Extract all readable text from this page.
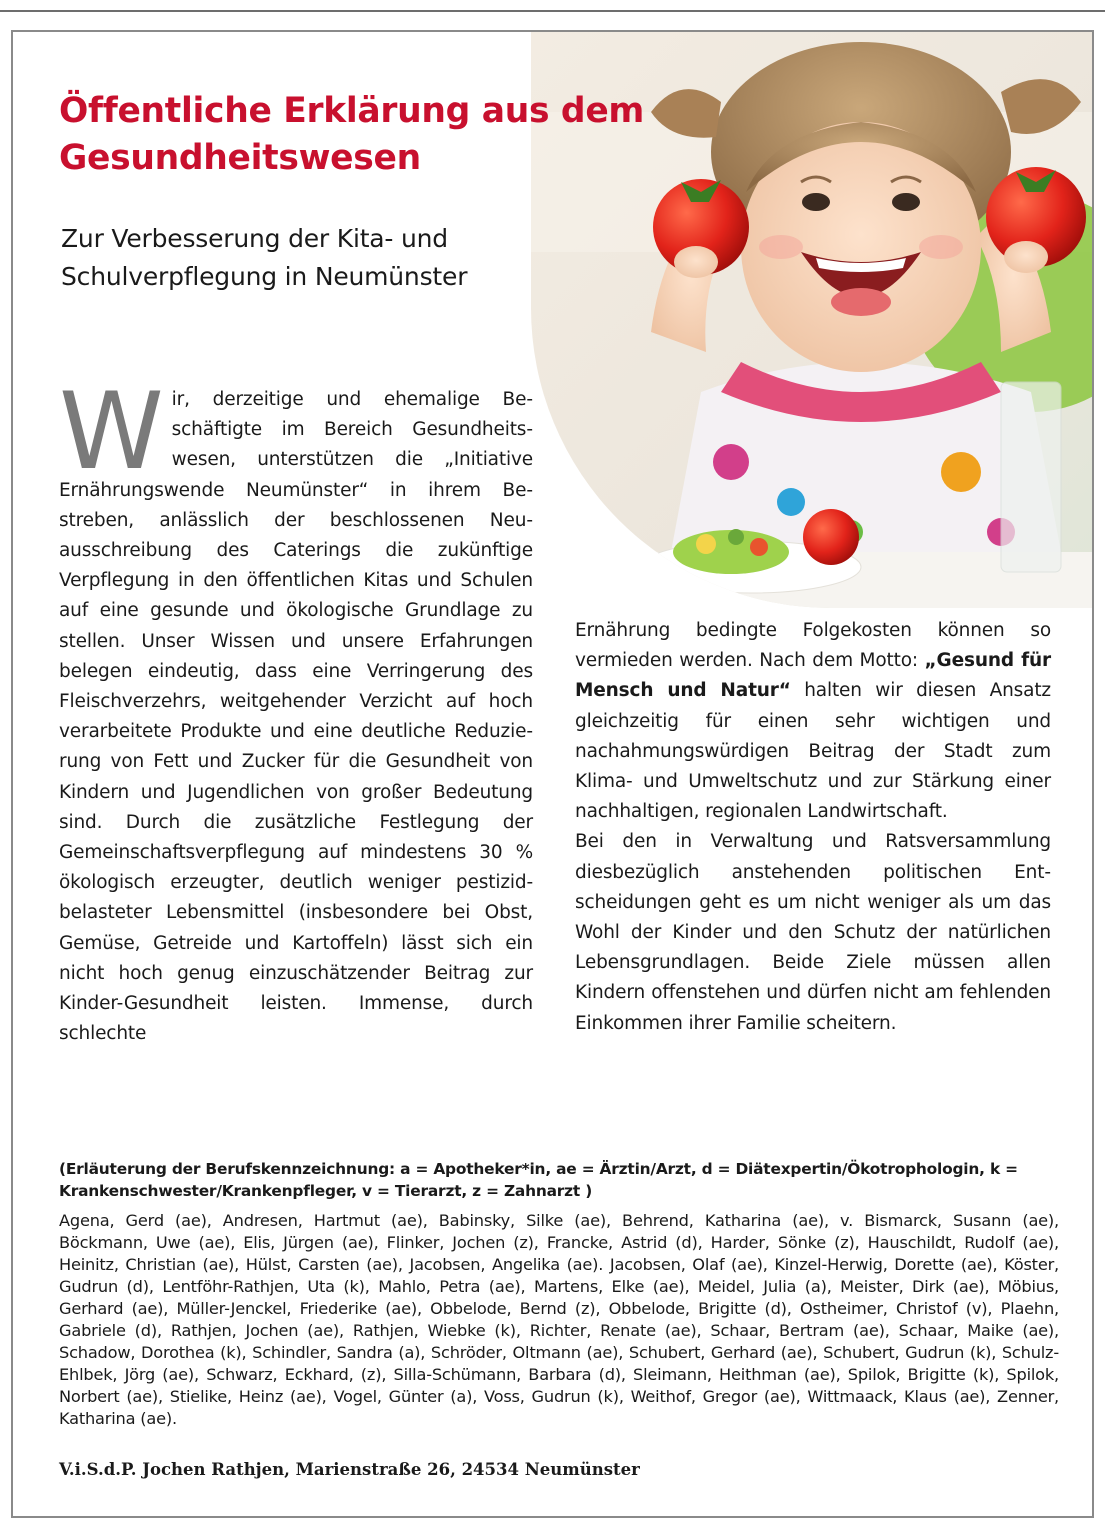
Öffentliche Erklärung aus dem Gesundheitswesen
Zur Verbesserung der Kita- und Schulverpflegung in Neumünster

Wir, derzeitige und ehemalige Beschäftigte im Bereich Gesundheitswesen, unterstützen die „Initiative Ernährungswende Neumünster“ in ihrem Bestreben, anlässlich der beschlossenen Neuausschreibung des Caterings die zukünftige Verpflegung in den öffentlichen Kitas und Schulen auf eine gesunde und ökologische Grundlage zu stellen. Unser Wissen und unsere Erfahrungen belegen eindeutig, dass eine Verringerung des Fleischverzehrs, weitgehender Verzicht auf hoch verarbeitete Produkte und eine deutliche Reduzierung von Fett und Zucker für die Gesundheit von Kindern und Jugendlichen von großer Bedeutung sind. Durch die zusätzliche Festlegung der Gemeinschaftsverpflegung auf mindestens 30 % ökologisch erzeugter, deutlich weniger pestizid-belasteter Lebensmittel (insbesondere bei Obst, Gemüse, Getreide und Kartoffeln) lässt sich ein nicht hoch genug einzuschätzender Beitrag zur Kinder-Gesundheit leisten. Immense, durch schlechte

Ernährung bedingte Folgekosten können so vermieden werden. Nach dem Motto: „Gesund für Mensch und Natur“ halten wir diesen Ansatz gleichzeitig für einen sehr wichtigen und nachahmungswürdigen Beitrag der Stadt zum Klima- und Umweltschutz und zur Stärkung einer nachhaltigen, regionalen Landwirtschaft.

Bei den in Verwaltung und Ratsversammlung diesbezüglich anstehenden politischen Entscheidungen geht es um nicht weniger als um das Wohl der Kinder und den Schutz der natürlichen Lebensgrundlagen. Beide Ziele müssen allen Kindern offenstehen und dürfen nicht am fehlenden Einkommen ihrer Familie scheitern.

(Erläuterung der Berufskennzeichnung: a = Apotheker*in, ae = Ärztin/Arzt, d = Diätexpertin/Ökotrophologin, k = Krankenschwester/Krankenpfleger, v = Tierarzt, z = Zahnarzt )
Agena, Gerd (ae), Andresen, Hartmut (ae), Babinsky, Silke (ae), Behrend, Katharina (ae), v. Bismarck, Susann (ae), Böckmann, Uwe (ae), Elis, Jürgen (ae), Flinker, Jochen (z), Francke, Astrid (d), Harder, Sönke (z), Hauschildt, Rudolf (ae), Heinitz, Christian (ae), Hülst, Carsten (ae), Jacobsen, Angelika (ae). Jacobsen, Olaf (ae), Kinzel-Herwig, Dorette (ae), Köster, Gudrun (d), Lentföhr-Rathjen, Uta (k), Mahlo, Petra (ae), Martens, Elke (ae), Meidel, Julia (a), Meister, Dirk (ae), Möbius, Gerhard (ae), Müller-Jenckel, Friederike (ae), Obbelode, Bernd (z), Obbelode, Brigitte (d), Ostheimer, Christof (v), Plaehn, Gabriele (d), Rathjen, Jochen (ae), Rathjen, Wiebke (k), Richter, Renate (ae), Schaar, Bertram (ae), Schaar, Maike (ae), Schadow, Dorothea (k), Schindler, Sandra (a), Schröder, Oltmann (ae), Schubert, Gerhard (ae), Schubert, Gudrun (k), Schulz-Ehlbek, Jörg (ae), Schwarz, Eckhard, (z), Silla-Schümann, Barbara (d), Sleimann, Heithman (ae), Spilok, Brigitte (k), Spilok, Norbert (ae), Stielike, Heinz (ae), Vogel, Günter (a), Voss, Gudrun (k), Weithof, Gregor (ae), Wittmaack, Klaus (ae), Zenner, Katharina (ae).
V.i.S.d.P. Jochen Rathjen, Marienstraße 26, 24534 Neumünster
